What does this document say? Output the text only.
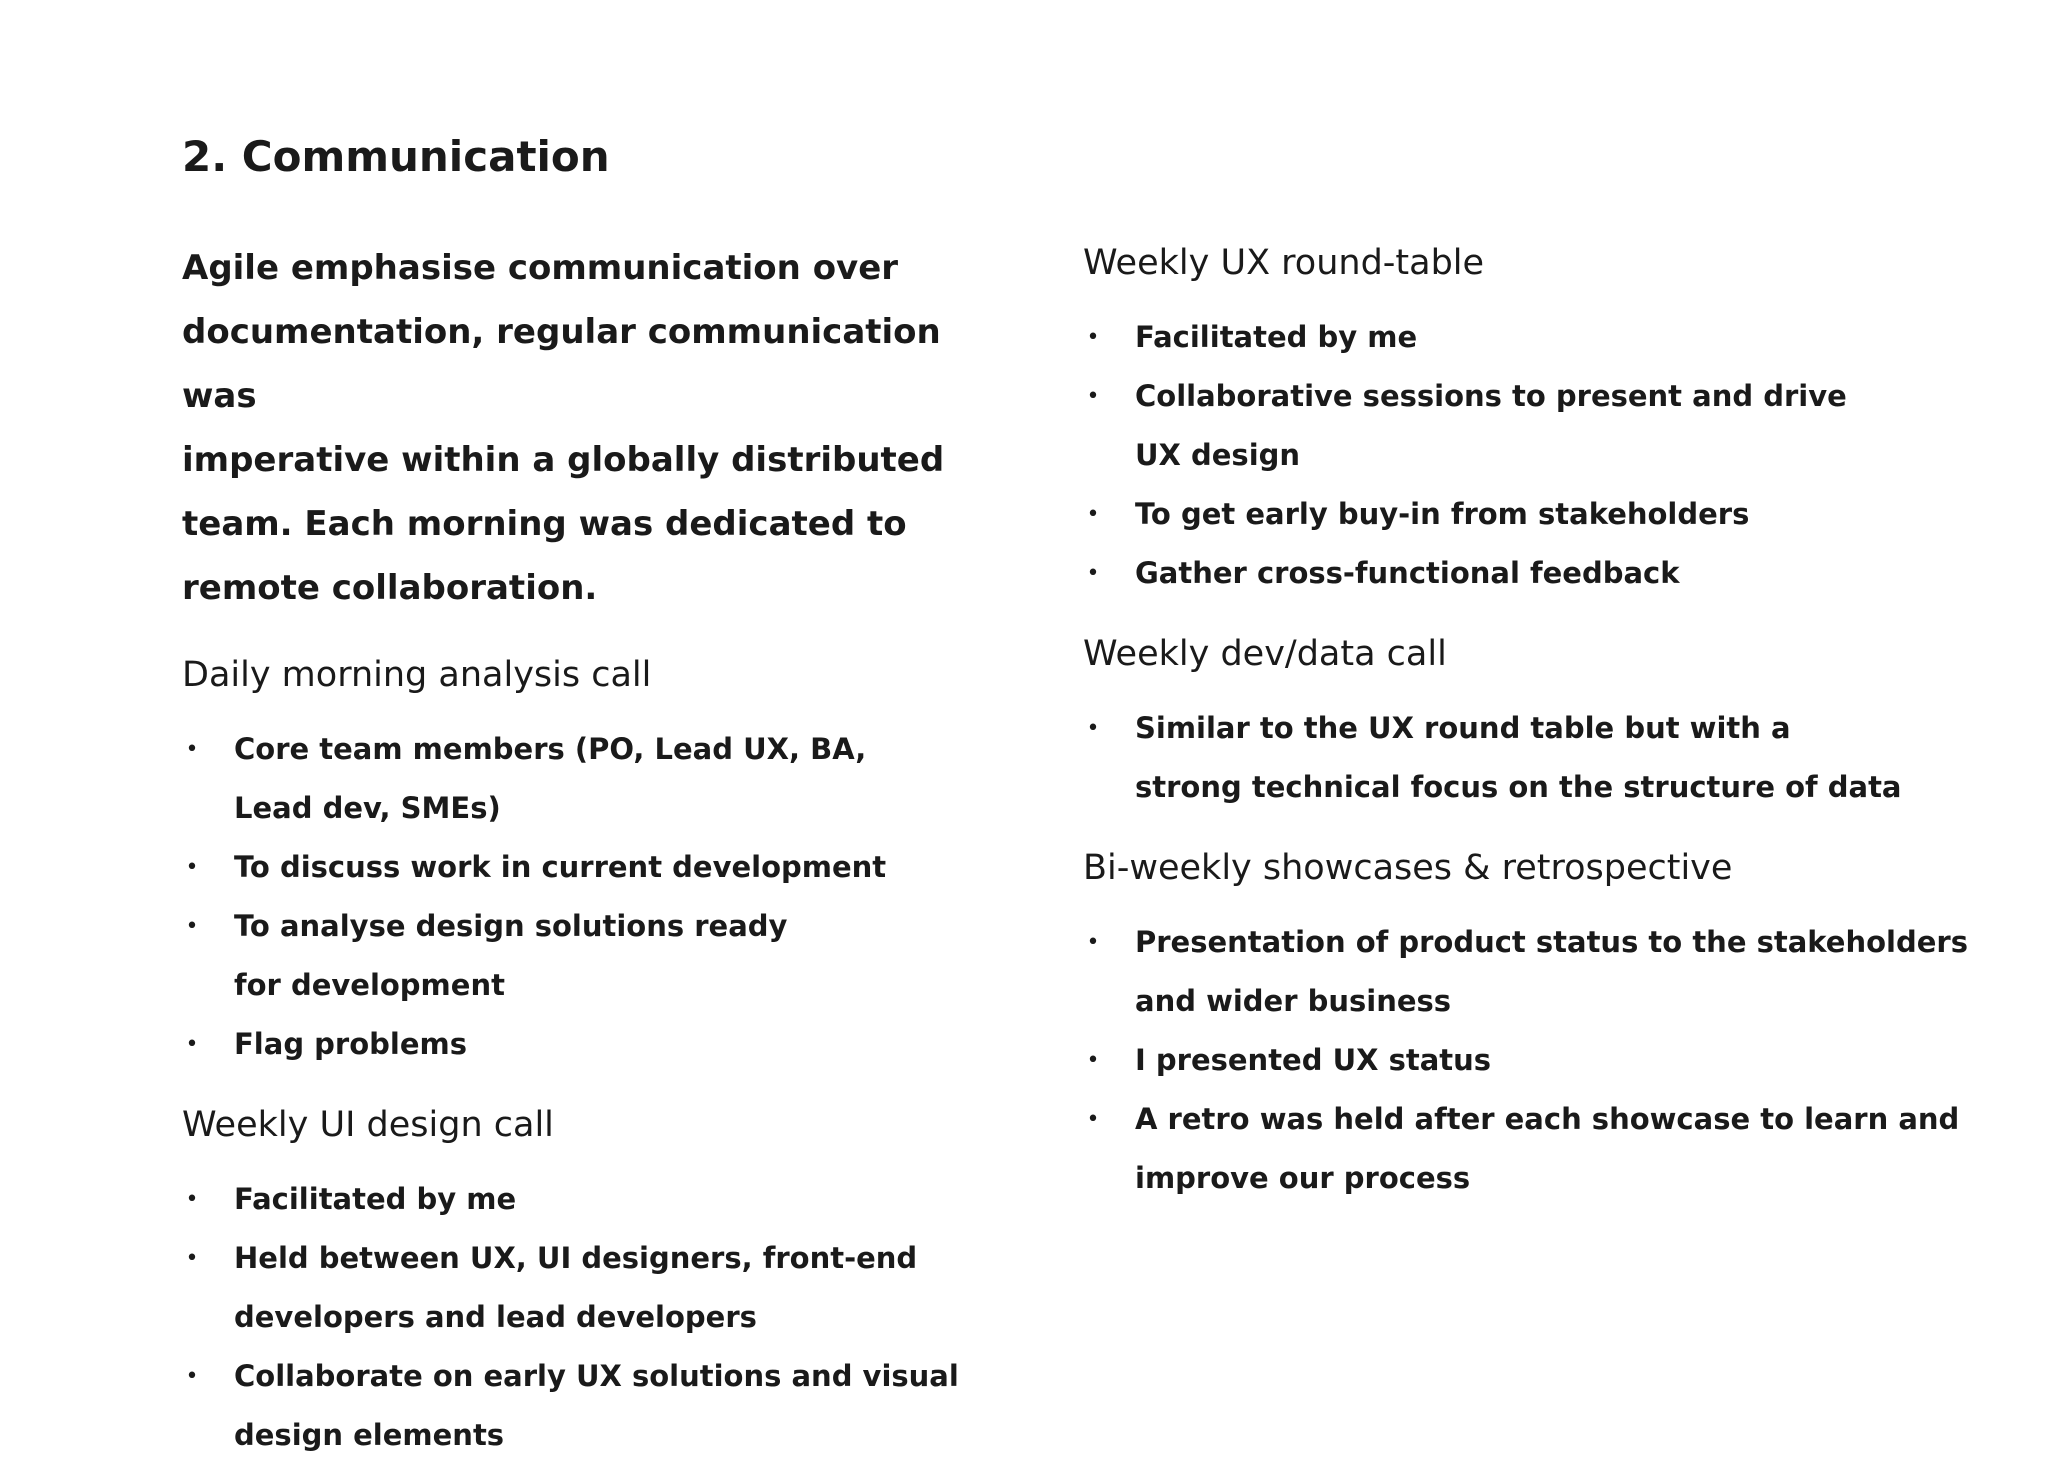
2. Communication

Agile emphasise communication over
documentation, regular communication was
imperative within a globally distributed
team. Each morning was dedicated to
remote collaboration.

Daily morning analysis call
• Core team members (PO, Lead UX, BA,
Lead dev, SMEs)
• To discuss work in current development
• To analyse design solutions ready
for development
• Flag problems
Weekly UI design call
• Facilitated by me
• Held between UX, UI designers, front-end
developers and lead developers
• Collaborate on early UX solutions and visual
design elements
Weekly UX round-table
• Facilitated by me
• Collaborative sessions to present and drive
UX design
• To get early buy-in from stakeholders
• Gather cross-functional feedback
Weekly dev/data call
• Similar to the UX round table but with a
strong technical focus on the structure of data
Bi-weekly showcases & retrospective
• Presentation of product status to the stakeholders
and wider business
• I presented UX status
• A retro was held after each showcase to learn and
improve our process
